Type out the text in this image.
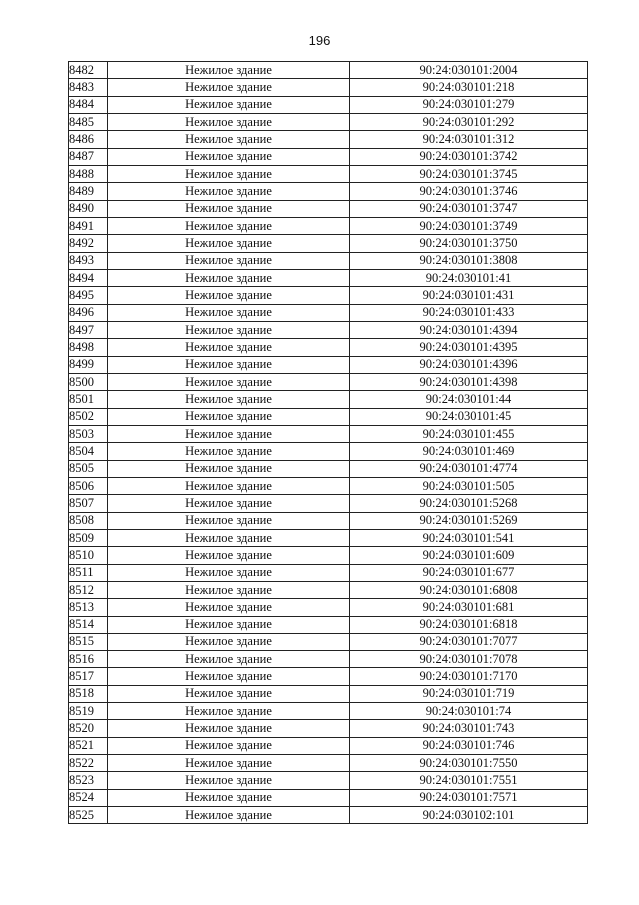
196
8482	Нежилое здание	90:24:030101:2004
8483	Нежилое здание	90:24:030101:218
8484	Нежилое здание	90:24:030101:279
8485	Нежилое здание	90:24:030101:292
8486	Нежилое здание	90:24:030101:312
8487	Нежилое здание	90:24:030101:3742
8488	Нежилое здание	90:24:030101:3745
8489	Нежилое здание	90:24:030101:3746
8490	Нежилое здание	90:24:030101:3747
8491	Нежилое здание	90:24:030101:3749
8492	Нежилое здание	90:24:030101:3750
8493	Нежилое здание	90:24:030101:3808
8494	Нежилое здание	90:24:030101:41
8495	Нежилое здание	90:24:030101:431
8496	Нежилое здание	90:24:030101:433
8497	Нежилое здание	90:24:030101:4394
8498	Нежилое здание	90:24:030101:4395
8499	Нежилое здание	90:24:030101:4396
8500	Нежилое здание	90:24:030101:4398
8501	Нежилое здание	90:24:030101:44
8502	Нежилое здание	90:24:030101:45
8503	Нежилое здание	90:24:030101:455
8504	Нежилое здание	90:24:030101:469
8505	Нежилое здание	90:24:030101:4774
8506	Нежилое здание	90:24:030101:505
8507	Нежилое здание	90:24:030101:5268
8508	Нежилое здание	90:24:030101:5269
8509	Нежилое здание	90:24:030101:541
8510	Нежилое здание	90:24:030101:609
8511	Нежилое здание	90:24:030101:677
8512	Нежилое здание	90:24:030101:6808
8513	Нежилое здание	90:24:030101:681
8514	Нежилое здание	90:24:030101:6818
8515	Нежилое здание	90:24:030101:7077
8516	Нежилое здание	90:24:030101:7078
8517	Нежилое здание	90:24:030101:7170
8518	Нежилое здание	90:24:030101:719
8519	Нежилое здание	90:24:030101:74
8520	Нежилое здание	90:24:030101:743
8521	Нежилое здание	90:24:030101:746
8522	Нежилое здание	90:24:030101:7550
8523	Нежилое здание	90:24:030101:7551
8524	Нежилое здание	90:24:030101:7571
8525	Нежилое здание	90:24:030102:101
